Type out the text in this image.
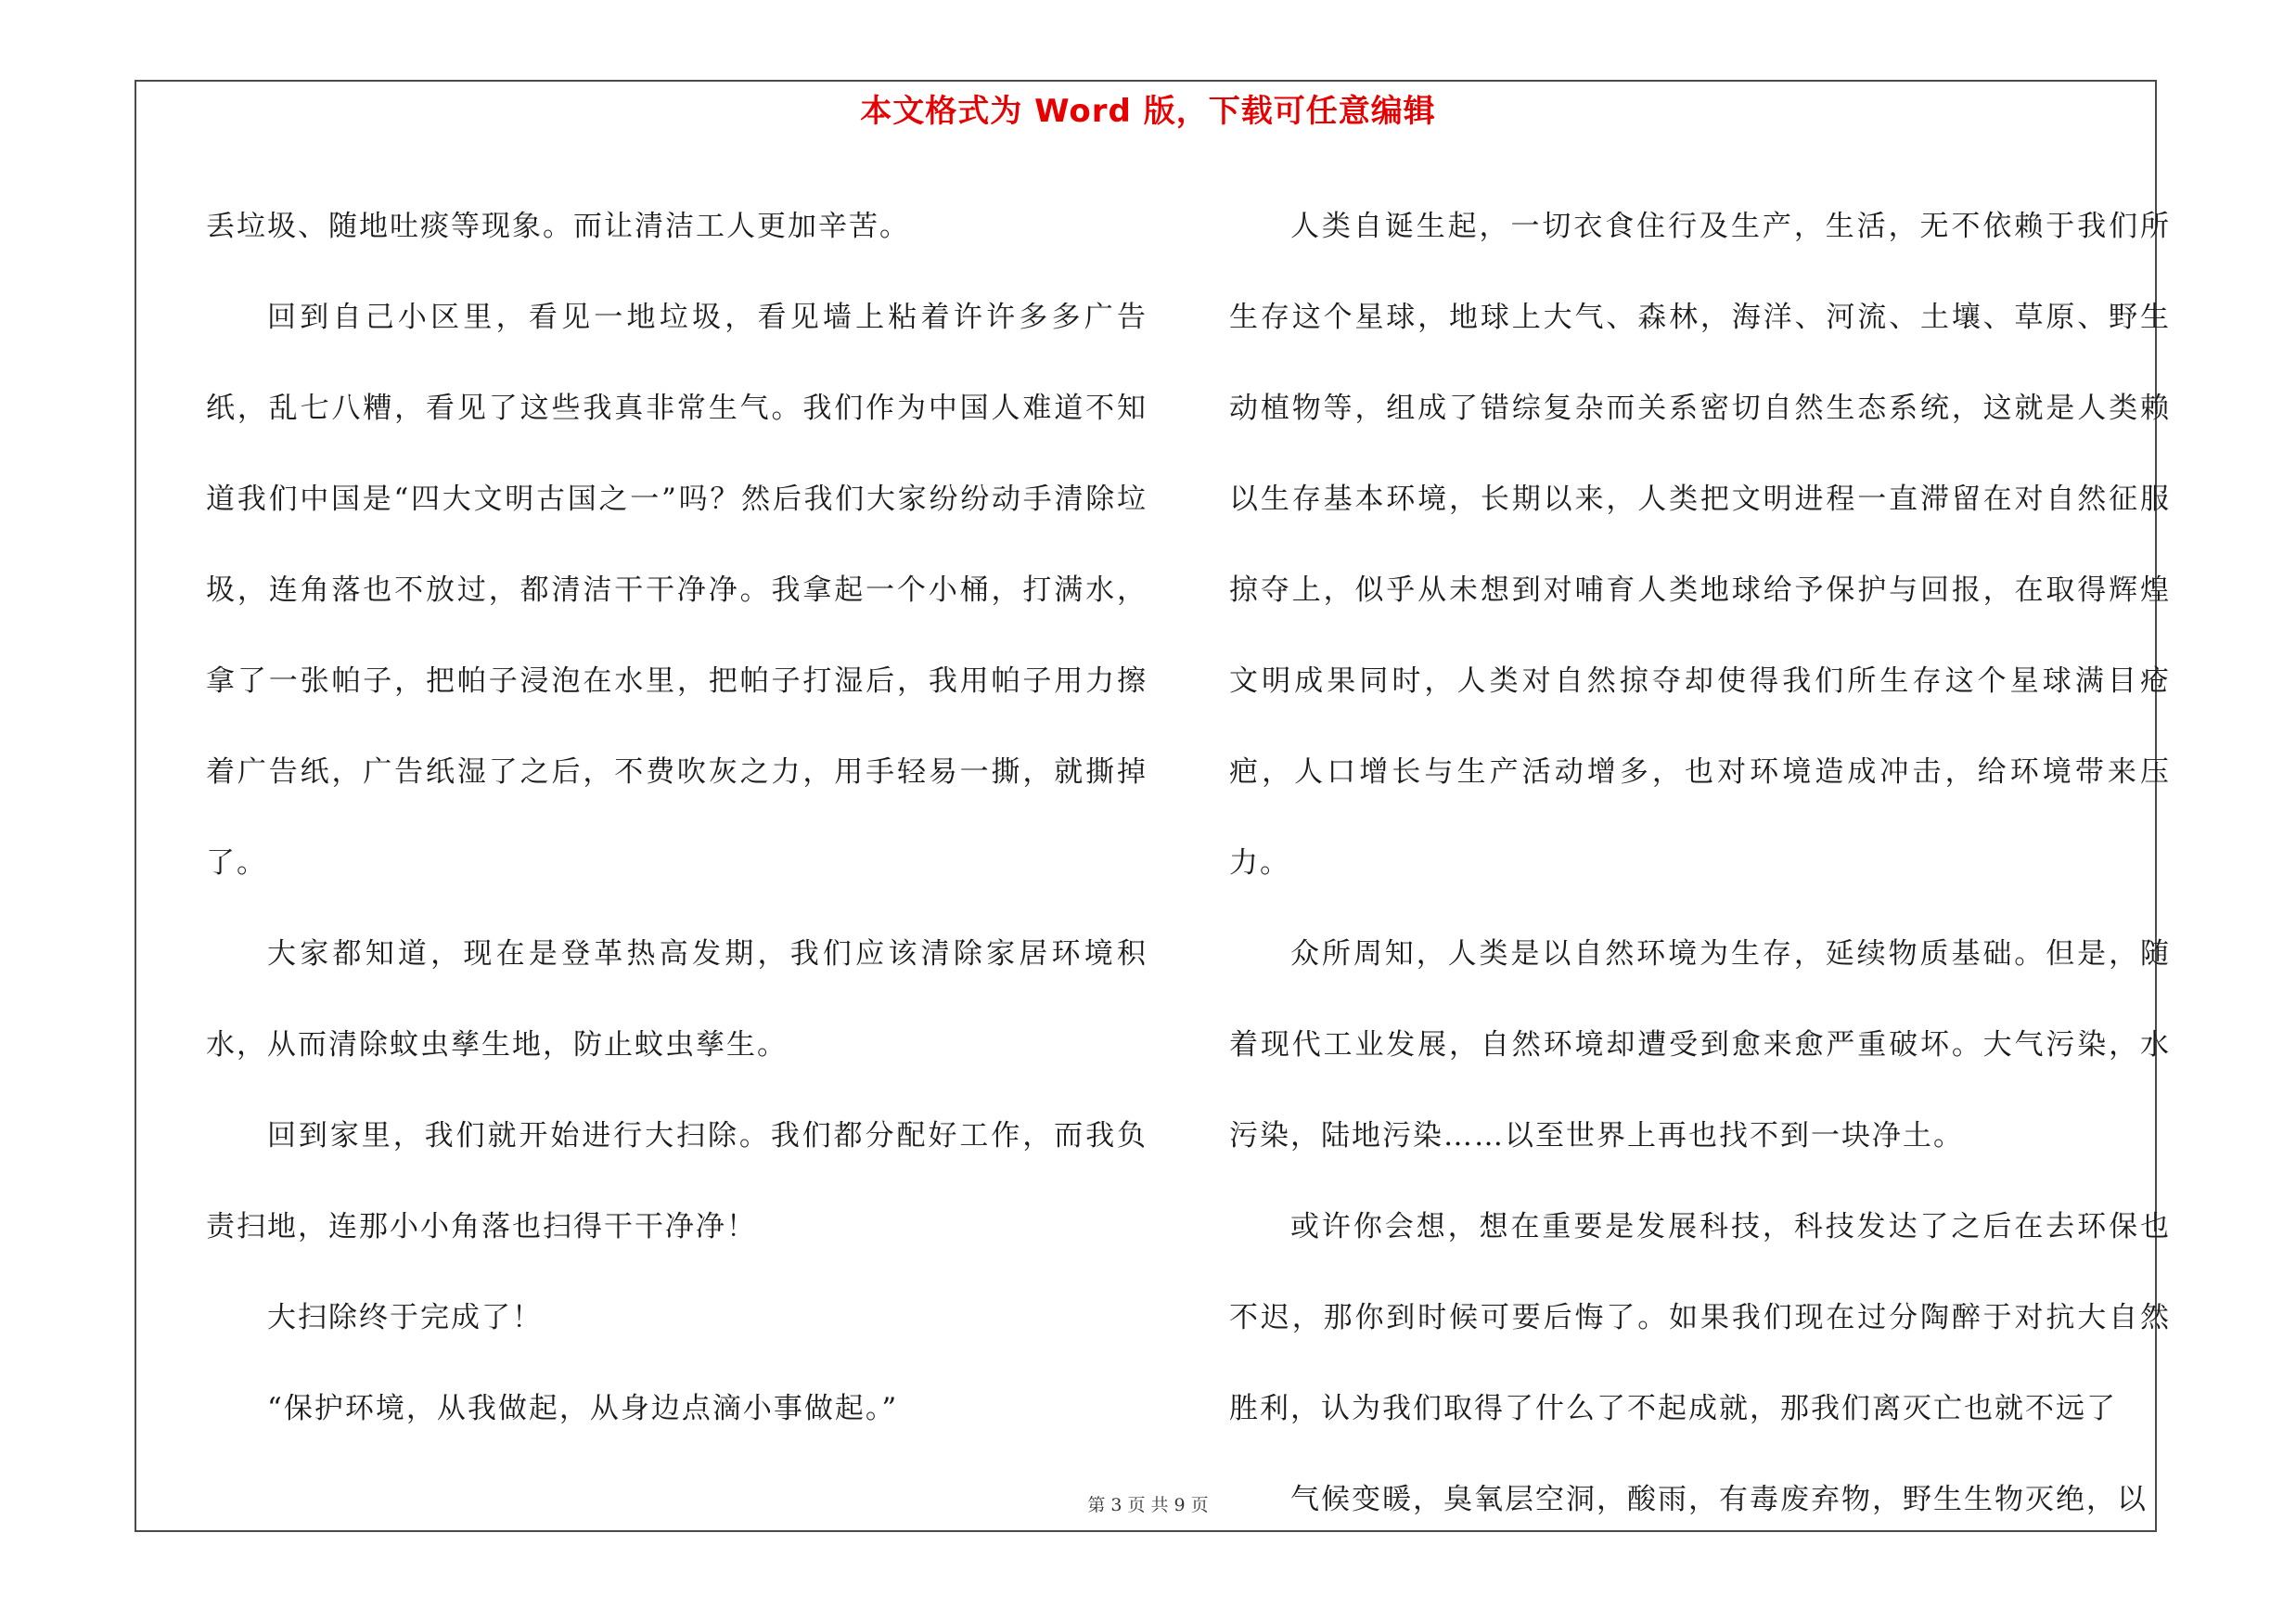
本文格式为 Word 版，下载可任意编辑

丢垃圾、随地吐痰等现象。而让清洁工人更加辛苦。

回到自己小区里，看见一地垃圾，看见墙上粘着许许多多广告纸，乱七八糟，看见了这些我真非常生气。我们作为中国人难道不知道我们中国是“四大文明古国之一”吗？然后我们大家纷纷动手清除垃圾，连角落也不放过，都清洁干干净净。我拿起一个小桶，打满水，拿了一张帕子，把帕子浸泡在水里，把帕子打湿后，我用帕子用力擦着广告纸，广告纸湿了之后，不费吹灰之力，用手轻易一撕，就撕掉了。

大家都知道，现在是登革热高发期，我们应该清除家居环境积水，从而清除蚊虫孳生地，防止蚊虫孳生。

回到家里，我们就开始进行大扫除。我们都分配好工作，而我负责扫地，连那小小角落也扫得干干净净！

大扫除终于完成了！

“保护环境，从我做起，从身边点滴小事做起。”

人类自诞生起，一切衣食住行及生产，生活，无不依赖于我们所生存这个星球，地球上大气、森林，海洋、河流、土壤、草原、野生动植物等，组成了错综复杂而关系密切自然生态系统，这就是人类赖以生存基本环境，长期以来，人类把文明进程一直滞留在对自然征服掠夺上，似乎从未想到对哺育人类地球给予保护与回报，在取得辉煌文明成果同时，人类对自然掠夺却使得我们所生存这个星球满目疮疤，人口增长与生产活动增多，也对环境造成冲击，给环境带来压力。

众所周知，人类是以自然环境为生存，延续物质基础。但是，随着现代工业发展，自然环境却遭受到愈来愈严重破坏。大气污染，水污染，陆地污染……以至世界上再也找不到一块净土。

或许你会想，想在重要是发展科技，科技发达了之后在去环保也不迟，那你到时候可要后悔了。如果我们现在过分陶醉于对抗大自然胜利，认为我们取得了什么了不起成就，那我们离灭亡也就不远了

气候变暖，臭氧层空洞，酸雨，有毒废弃物，野生生物灭绝，以

第 3 页 共 9 页
